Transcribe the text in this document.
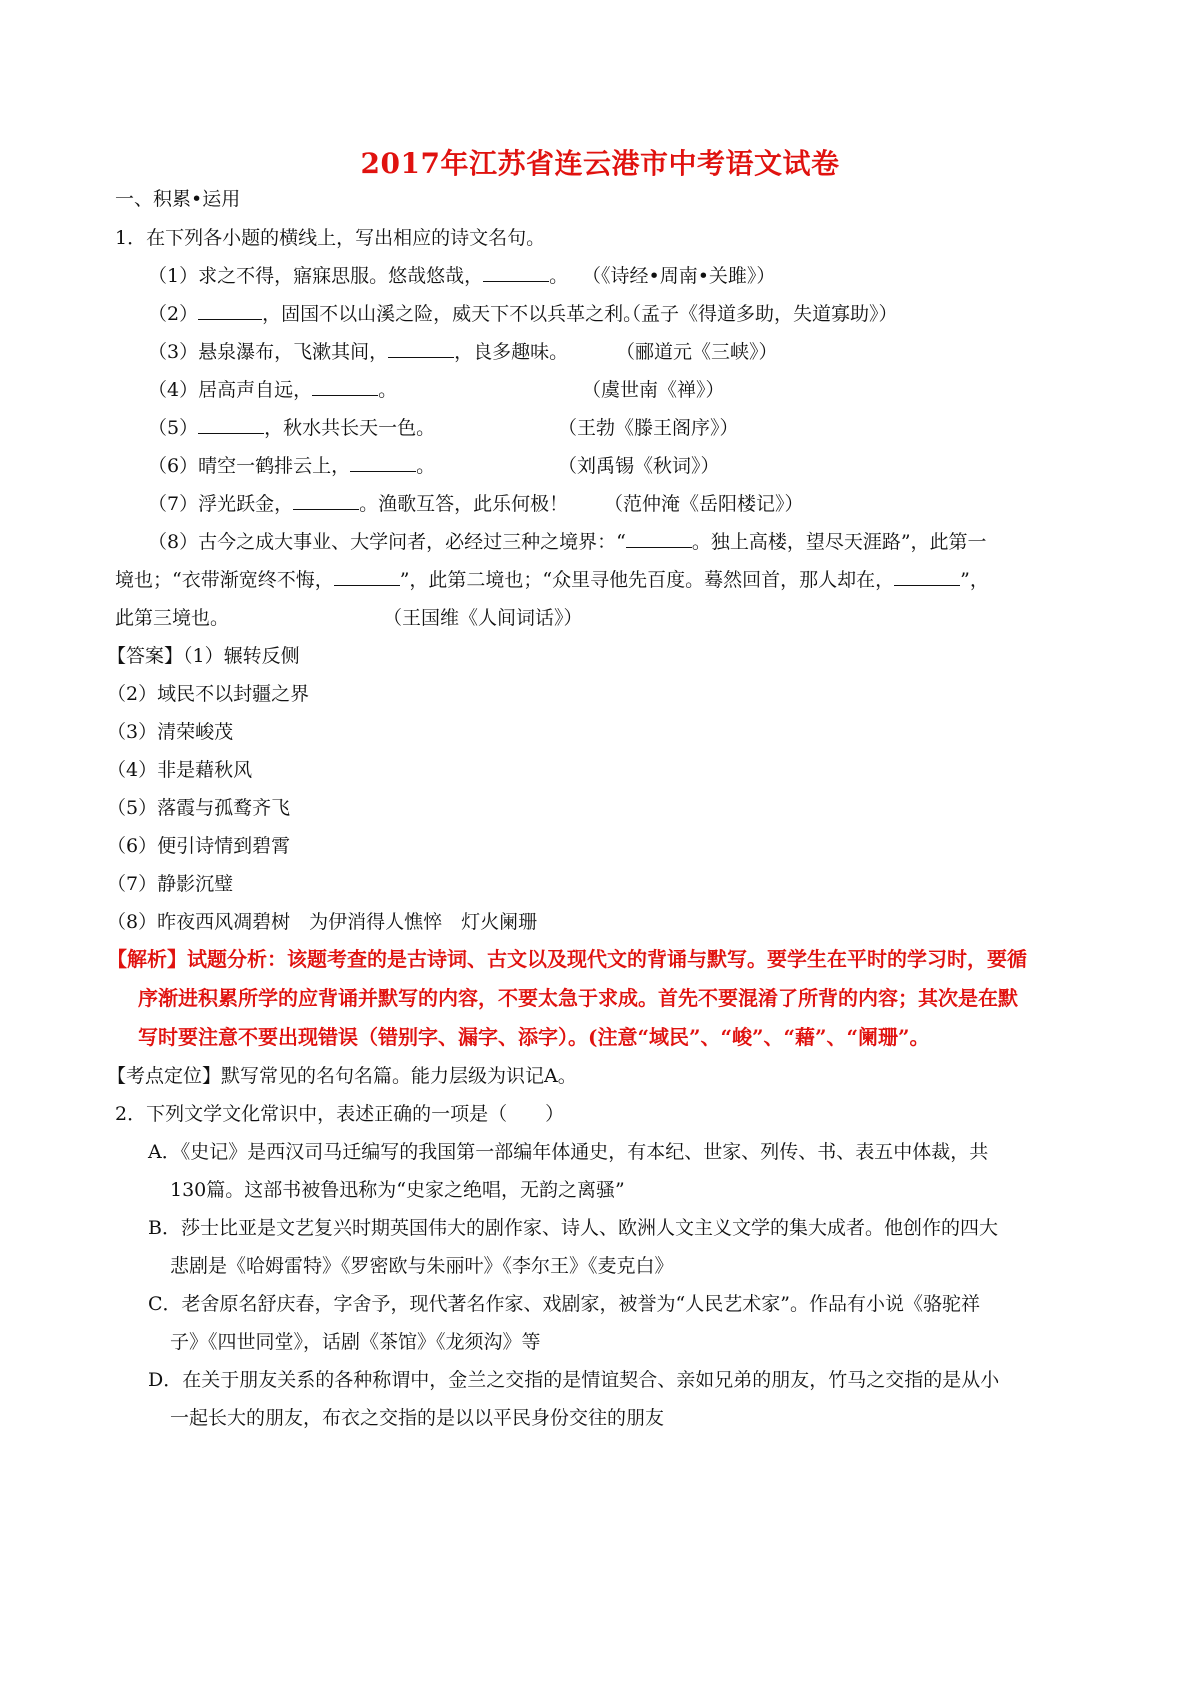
2017年江苏省连云港市中考语文试卷
一、积累•运用
1．在下列各小题的横线上，写出相应的诗文名句。
（1）求之不得，寤寐思服。悠哉悠哉，	。 （《诗经•周南•关雎》）
（2）	，固国不以山溪之险，威天下不以兵革之利。
（孟子《得道多助，失道寡助》）
（3）悬泉瀑布，飞漱其间，	，良多趣味。	（郦道元《三峡》）
（4）居高声自远，	。	（虞世南《禅》）
（5）	，秋水共长天一色。	（王勃《滕王阁序》）
（6）晴空一鹤排云上，	。	（刘禹锡《秋词》）
（7）浮光跃金，	。渔歌互答，此乐何极！ （范仲淹《岳阳楼记》）
（8）古今之成大事业、大学问者，必经过三种之境界：“	。独上高楼，望尽天涯路”，此第一
境也；“衣带渐宽终不悔，	”，此第二境也；“众里寻他先百度。蓦然回首，那人却在，	”，
此第三境也。	（王国维《人间词话》）
【答案】（1）辗转反侧
（2）域民不以封疆之界
（3）清荣峻茂
（4）非是藉秋风
（5）落霞与孤鹜齐飞
（6）便引诗情到碧霄
（7）静影沉璧
（8）昨夜西风凋碧树　为伊消得人憔悴　灯火阑珊
【解析】试题分析：该题考查的是古诗词、古文以及现代文的背诵与默写。要学生在平时的学习时，要循
序渐进积累所学的应背诵并默写的内容，不要太急于求成。首先不要混淆了所背的内容；其次是在默
写时要注意不要出现错误（错别字、漏字、添字）。(注意“域民”、“峻”、“藉”、“阑珊”。
【考点定位】默写常见的名句名篇。能力层级为识记A。
2．下列文学文化常识中，表述正确的一项是（　　）
A．《史记》是西汉司马迁编写的我国第一部编年体通史，有本纪、世家、列传、书、表五中体裁，共
130篇。这部书被鲁迅称为“史家之绝唱，无韵之离骚”
B．莎士比亚是文艺复兴时期英国伟大的剧作家、诗人、欧洲人文主义文学的集大成者。他创作的四大
悲剧是《哈姆雷特》《罗密欧与朱丽叶》《李尔王》《麦克白》
C．老舍原名舒庆春，字舍予，现代著名作家、戏剧家，被誉为“人民艺术家”。作品有小说《骆驼祥
子》《四世同堂》，话剧《茶馆》《龙须沟》等
D．在关于朋友关系的各种称谓中，金兰之交指的是情谊契合、亲如兄弟的朋友，竹马之交指的是从小
一起长大的朋友，布衣之交指的是以以平民身份交往的朋友
